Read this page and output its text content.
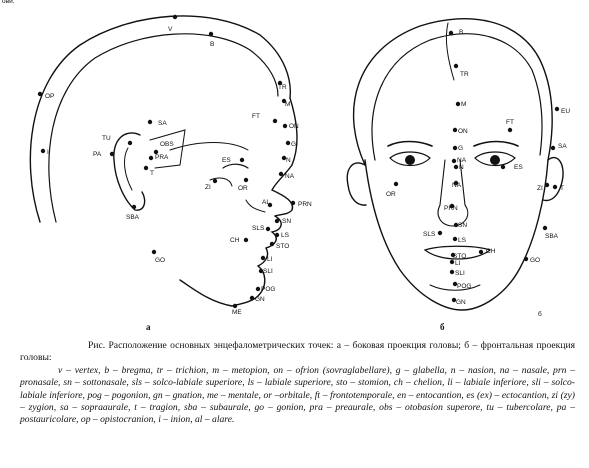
ови.
V
B
OP
I
TR
FT
M
ON
G
N
NA
SA
TU
OBS
PA	PRA	ES
ZI	OR
T
PRN
AL
SN
SLS
LS
STO
CH
LI
SLI
SBA
GO
POG
GN
ME
а
B
TR
M
FT
ON
G
NA
EU
SA
N	ES
ZI
OR
NA	T
PRN
SN
SLS
LS
CH
STO
LI
SLI
SBA
GO
POG
GN
б
б

Рис. Расположение основных энцефалометрических точек: а – боковая проекция головы; б – фронтальная проекция головы:

v – vertex, b – bregma, tr – trichion, m – metopion, on – ofrion (sovraglabellare), g – glabella, n – nasion, na – nasale, prn – pronasale, sn – sottonasale, sls – solco-labiale superiore, ls – labiale superiore, sto – stomion, ch – chelion, li – labiale inferiore, sli – solco-labiale inferiore, pog – pogonion, gn – gnation, me – mentale, or –orbitale, ft – frontotemporale, en – entocantion, es (ex) – ectocantion, zi (zy) – zygion, sa – sopraaurale, t – tragion, sba – subaurale, go – gonion, pra – preaurale, obs – otobasion superore, tu – tubercolare, pa – postauricolare, op – opistocranion, i – inion, al – alare.
